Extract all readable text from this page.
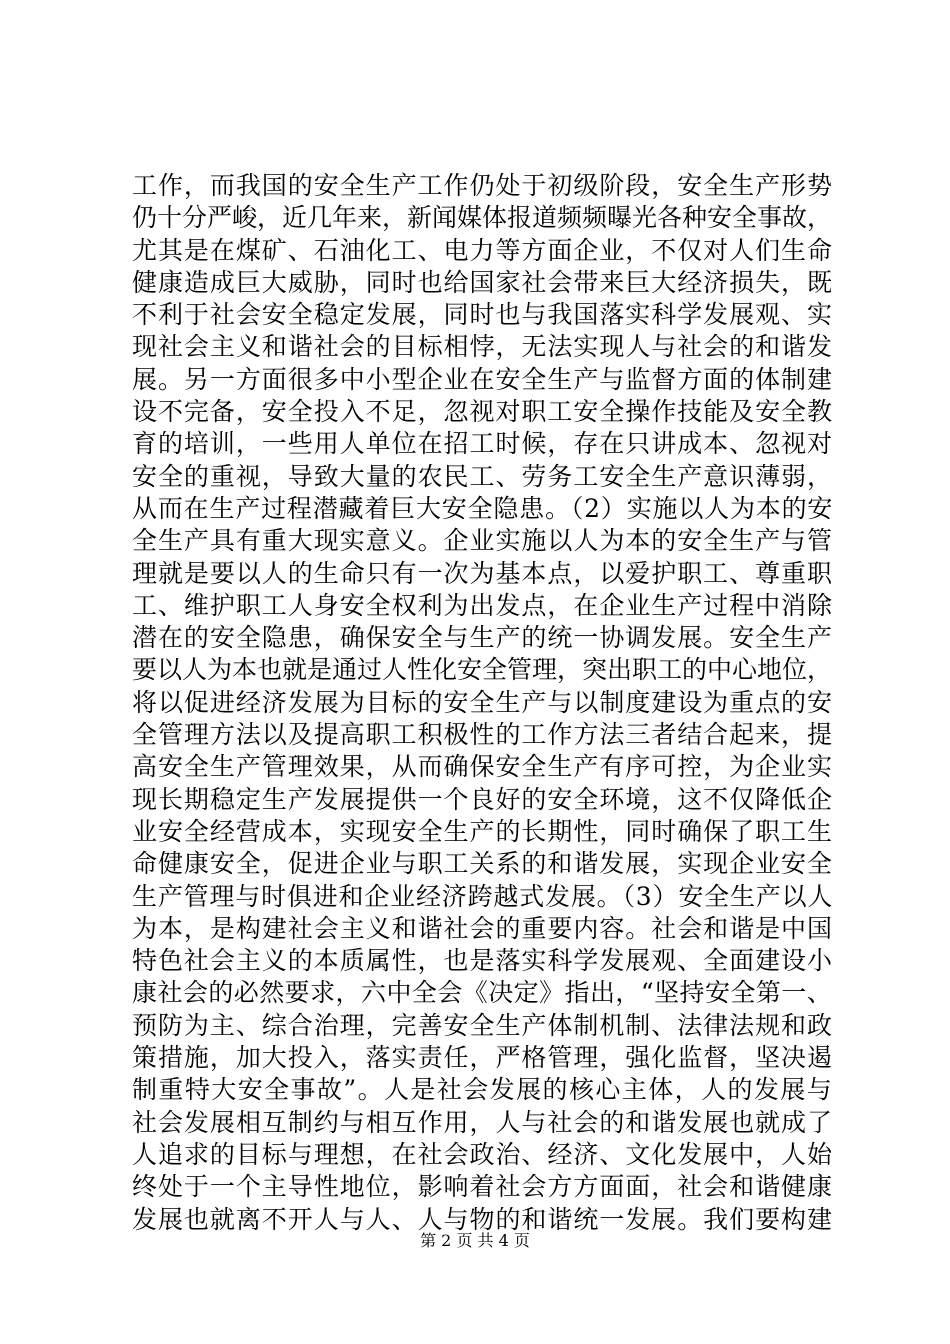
工作，而我国的安全生产工作仍处于初级阶段，安全生产形势
仍十分严峻，近几年来，新闻媒体报道频频曝光各种安全事故，
尤其是在煤矿、石油化工、电力等方面企业，不仅对人们生命
健康造成巨大威胁，同时也给国家社会带来巨大经济损失，既
不利于社会安全稳定发展，同时也与我国落实科学发展观、实
现社会主义和谐社会的目标相悖，无法实现人与社会的和谐发
展。另一方面很多中小型企业在安全生产与监督方面的体制建
设不完备，安全投入不足，忽视对职工安全操作技能及安全教
育的培训，一些用人单位在招工时候，存在只讲成本、忽视对
安全的重视，导致大量的农民工、劳务工安全生产意识薄弱，
从而在生产过程潜藏着巨大安全隐患。（2）实施以人为本的安
全生产具有重大现实意义。企业实施以人为本的安全生产与管
理就是要以人的生命只有一次为基本点，以爱护职工、尊重职
工、维护职工人身安全权利为出发点，在企业生产过程中消除
潜在的安全隐患，确保安全与生产的统一协调发展。安全生产
要以人为本也就是通过人性化安全管理，突出职工的中心地位，
将以促进经济发展为目标的安全生产与以制度建设为重点的安
全管理方法以及提高职工积极性的工作方法三者结合起来，提
高安全生产管理效果，从而确保安全生产有序可控，为企业实
现长期稳定生产发展提供一个良好的安全环境，这不仅降低企
业安全经营成本，实现安全生产的长期性，同时确保了职工生
命健康安全，促进企业与职工关系的和谐发展，实现企业安全
生产管理与时俱进和企业经济跨越式发展。（3）安全生产以人
为本，是构建社会主义和谐社会的重要内容。社会和谐是中国
特色社会主义的本质属性，也是落实科学发展观、全面建设小
康社会的必然要求，六中全会《决定》指出，“坚持安全第一、
预防为主、综合治理，完善安全生产体制机制、法律法规和政
策措施，加大投入，落实责任，严格管理，强化监督，坚决遏
制重特大安全事故”。人是社会发展的核心主体，人的发展与
社会发展相互制约与相互作用，人与社会的和谐发展也就成了
人追求的目标与理想，在社会政治、经济、文化发展中，人始
终处于一个主导性地位，影响着社会方方面面，社会和谐健康
发展也就离不开人与人、人与物的和谐统一发展。我们要构建
第 2 页 共 4 页
